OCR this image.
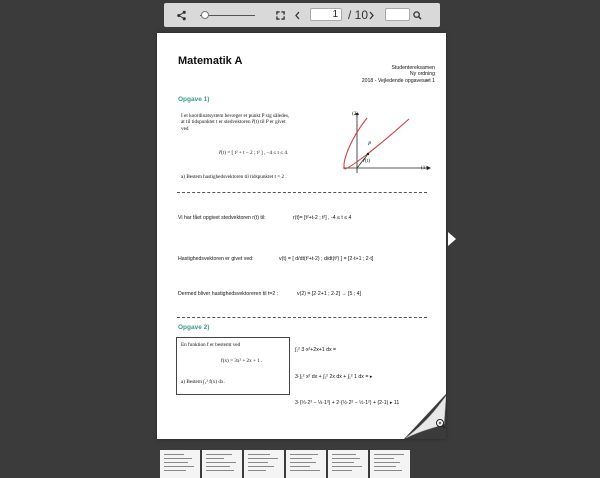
/ 10
1
Matematik A
Studentereksamen
Ny ordning
2018 - Vejledende opgavesæt 1
Opgave 1)
I et koordinatsystem bevæger et punkt P sig således,
at til tidspunktet t er stedvektoren r⃗(t) til P er givet
ved
r⃗(t) = [ t² + t − 2 ; t² ] , −4 ≤ t ≤ 4.
a) Bestem hastighedsvektoren til tidspunktet t = 2 .
(2)
P
r⃗(t)
(1)
Vi har fået opgivet stedvektoren r(t) til:	r(t)= [t²+t-2 ; t²] , -4 ≤ t ≤ 4
Hastighedsvektoren er givet ved:	v(t) = [ d/dt(t²+t-2) ; d/dt(t²) ] = [2·t+1 ; 2·t]
Dermed bliver hastighedsvektoreren til t=2 :	v(2) = [2·2+1 ; 2·2] → [5 ; 4]
Opgave 2)
En funktion f er bestemt ved
f(x) = 3x² + 2x + 1 .
a) Bestem ∫₁² f(x) dx.
∫₁² 3·x²+2x+1 dx =
3·∫₁² x² dx + ∫₁² 2x dx + ∫₁² 1 dx = ▸
3·(⅓·2³ − ⅓·1³) + 2·(½·2² − ½·1²) + (2-1) ▸ 11
